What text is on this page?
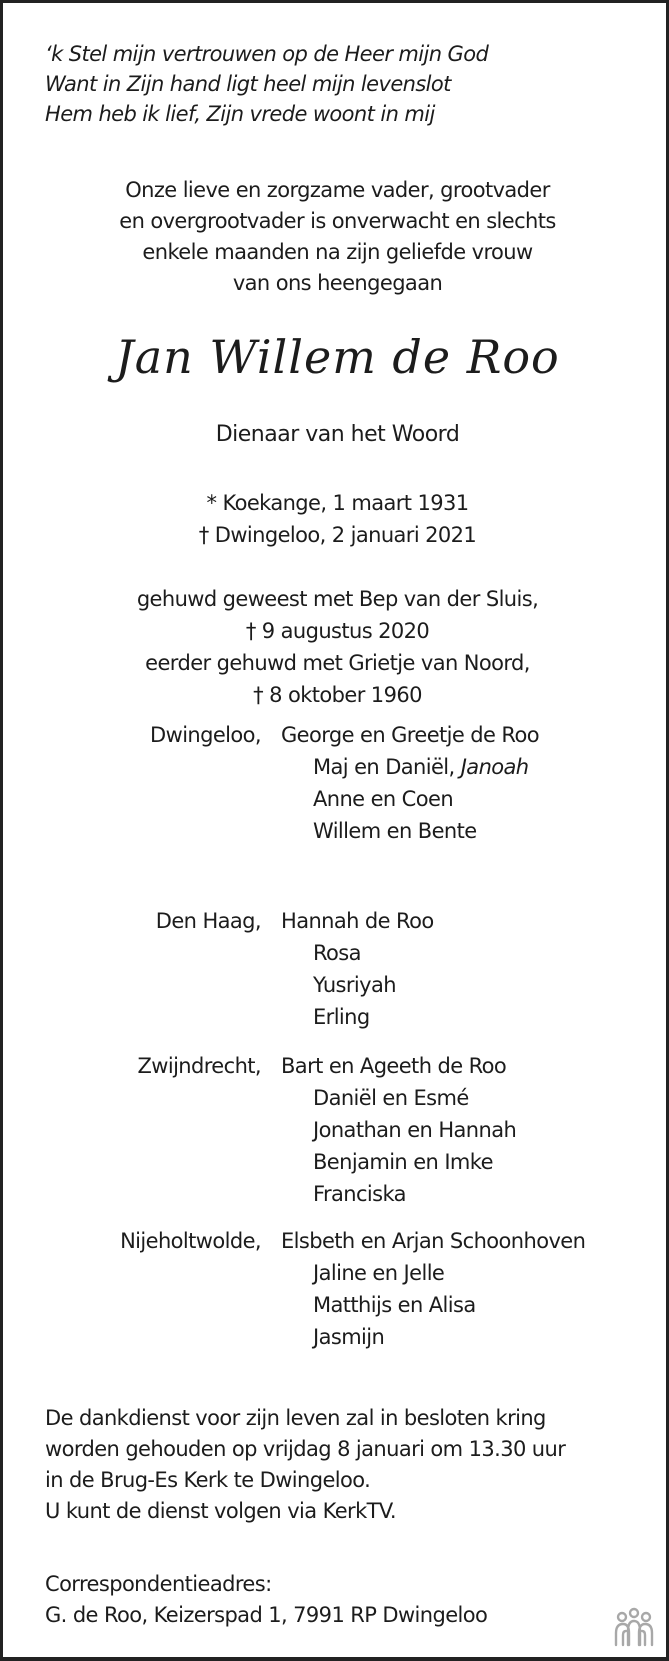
‘k Stel mijn vertrouwen op de Heer mijn God
Want in Zijn hand ligt heel mijn levenslot
Hem heb ik lief, Zijn vrede woont in mij
Onze lieve en zorgzame vader, grootvader
en overgrootvader is onverwacht en slechts
enkele maanden na zijn geliefde vrouw
van ons heengegaan
Jan Willem de Roo
Dienaar van het Woord
* Koekange, 1 maart 1931
† Dwingeloo, 2 januari 2021
gehuwd geweest met Bep van der Sluis,
† 9 augustus 2020
eerder gehuwd met Grietje van Noord,
† 8 oktober 1960
Dwingeloo, George en Greetje de Roo
Maj en Daniël, Janoah
Anne en Coen
Willem en Bente
Den Haag, Hannah de Roo
Rosa
Yusriyah
Erling
Zwijndrecht, Bart en Ageeth de Roo
Daniël en Esmé
Jonathan en Hannah
Benjamin en Imke
Franciska
Nijeholtwolde, Elsbeth en Arjan Schoonhoven
Jaline en Jelle
Matthijs en Alisa
Jasmijn
De dankdienst voor zijn leven zal in besloten kring
worden gehouden op vrijdag 8 januari om 13.30 uur
in de Brug-Es Kerk te Dwingeloo.
U kunt de dienst volgen via KerkTV.
Correspondentieadres:
G. de Roo, Keizerspad 1, 7991 RP Dwingeloo
